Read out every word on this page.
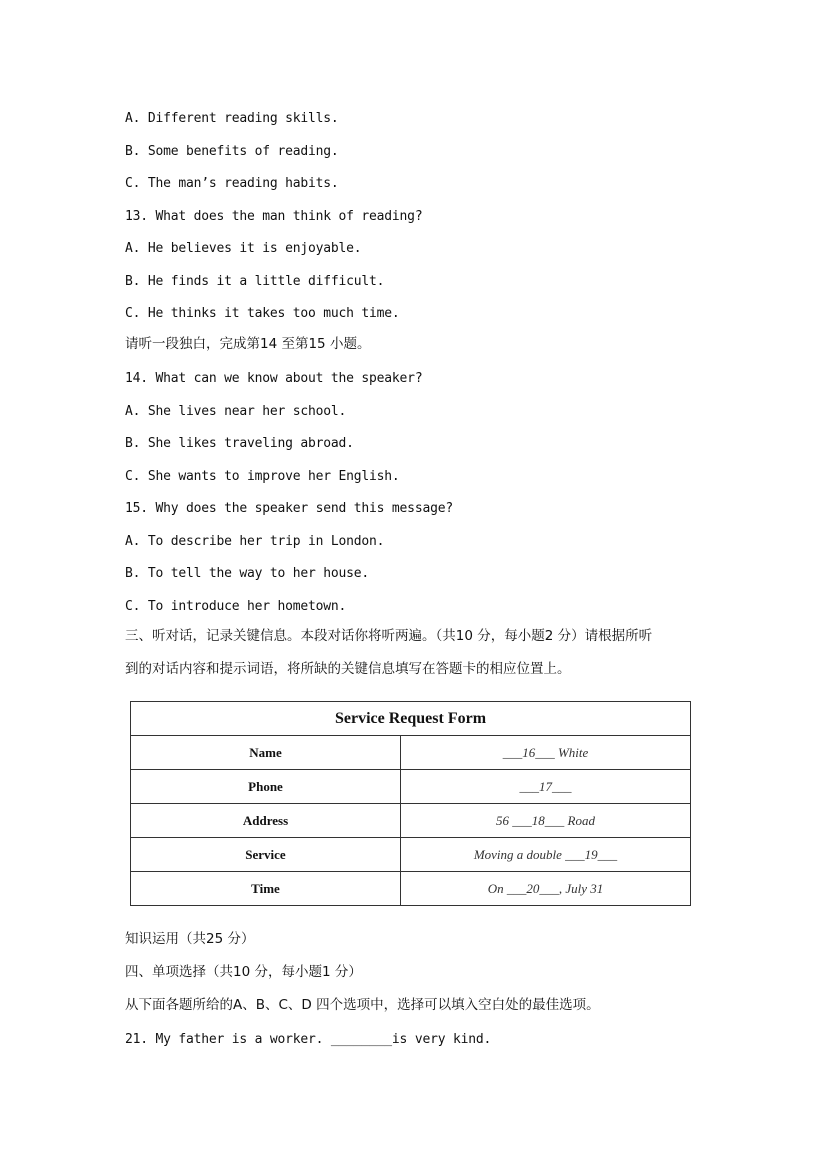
A. Different reading skills.
B. Some benefits of reading.
C. The man’s reading habits.
13. What does the man think of reading?
A. He believes it is enjoyable.
B. He finds it a little difficult.
C. He thinks it takes too much time.
请听一段独白，完成第14 至第15 小题。
14. What can we know about the speaker?
A. She lives near her school.
B. She likes traveling abroad.
C. She wants to improve her English.
15. Why does the speaker send this message?
A. To describe her trip in London.
B. To tell the way to her house.
C. To introduce her hometown.
三、听对话，记录关键信息。本段对话你将听两遍。（共10 分，每小题2 分）请根据所听
到的对话内容和提示词语，将所缺的关键信息填写在答题卡的相应位置上。
Service Request Form	
Name	___16___ White
Phone	___17___
Address	56 ___18___ Road
Service	Moving a double ___19___
Time	On ___20___, July 31
知识运用（共25 分）
四、单项选择（共10 分，每小题1 分）
从下面各题所给的A、B、C、D 四个选项中，选择可以填入空白处的最佳选项。
21. My father is a worker. ________is very kind.
